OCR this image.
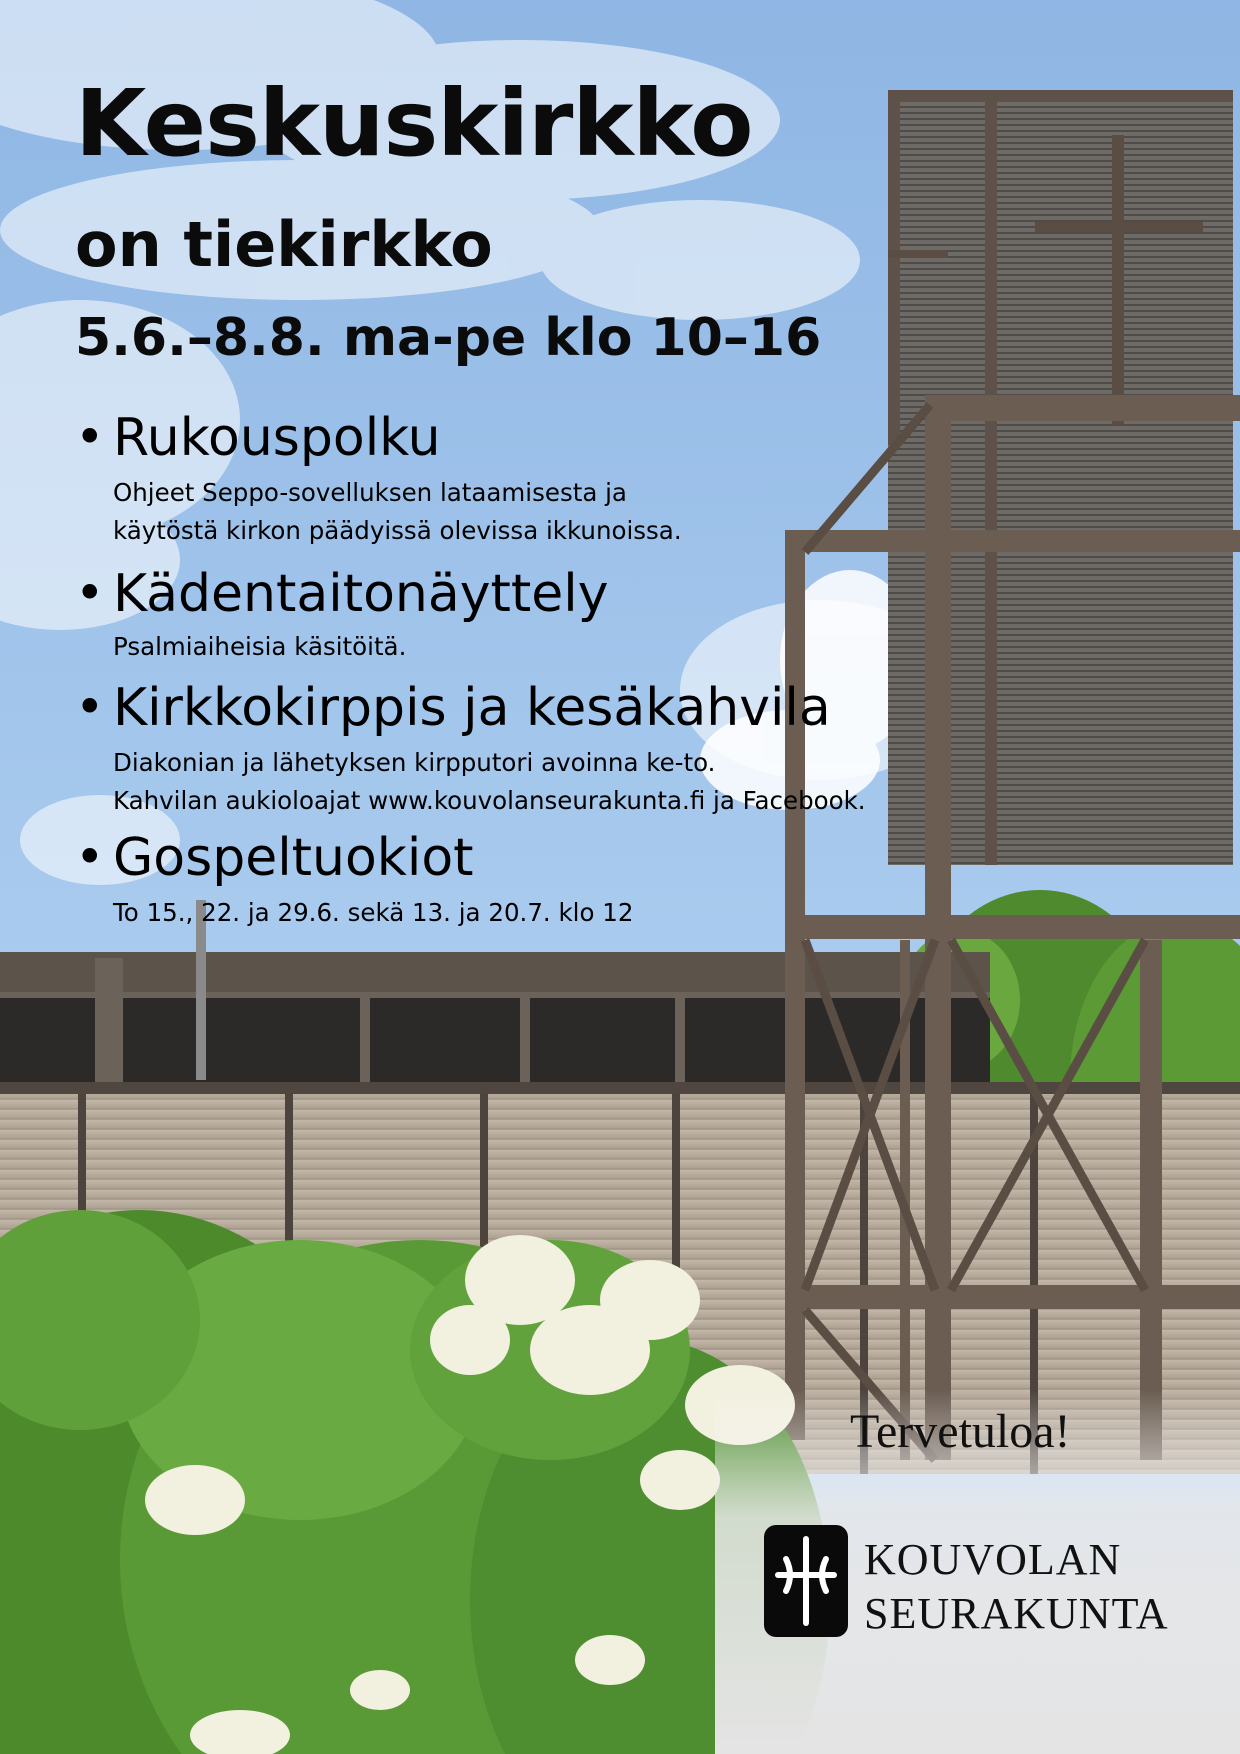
Keskuskirkko
on tiekirkko
5.6.–8.8. ma-pe klo 10–16
• Rukouspolku
Ohjeet Seppo-sovelluksen lataamisesta ja
käytöstä kirkon päädyissä olevissa ikkunoissa.
• Kädentaitonäyttely
Psalmiaiheisia käsitöitä.
• Kirkkokirppis ja kesäkahvila
Diakonian ja lähetyksen kirpputori avoinna ke-to.
Kahvilan aukioloajat www.kouvolanseurakunta.fi ja Facebook.
• Gospeltuokiot
To 15., 22. ja 29.6. sekä 13. ja 20.7. klo 12
Tervetuloa!
KOUVOLAN
SEURAKUNTA
